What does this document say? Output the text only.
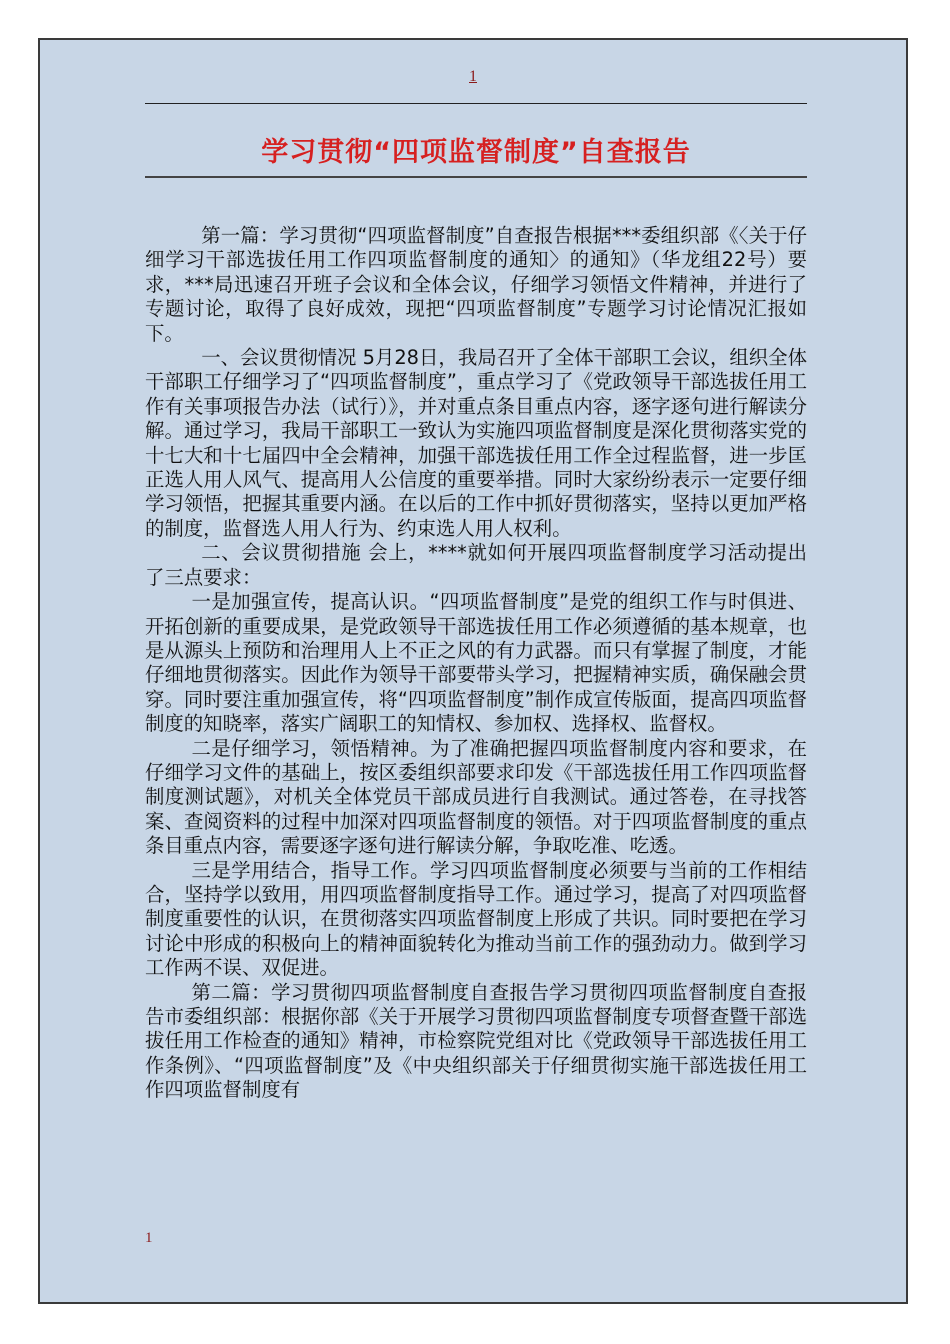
1
学习贯彻“四项监督制度”自查报告

第一篇：学习贯彻“四项监督制度”自查报告根据***委组织部《〈关于仔细学习干部选拔任用工作四项监督制度的通知〉的通知》（华龙组22号）要求，***局迅速召开班子会议和全体会议，仔细学习领悟文件精神，并进行了专题讨论，取得了良好成效，现把“四项监督制度”专题学习讨论情况汇报如下。

一、会议贯彻情况 5月28日，我局召开了全体干部职工会议，组织全体干部职工仔细学习了“四项监督制度”，重点学习了《党政领导干部选拔任用工作有关事项报告办法（试行）》，并对重点条目重点内容，逐字逐句进行解读分解。通过学习，我局干部职工一致认为实施四项监督制度是深化贯彻落实党的十七大和十七届四中全会精神，加强干部选拔任用工作全过程监督，进一步匡正选人用人风气、提高用人公信度的重要举措。同时大家纷纷表示一定要仔细学习领悟，把握其重要内涵。在以后的工作中抓好贯彻落实，坚持以更加严格的制度，监督选人用人行为、约束选人用人权利。

二、会议贯彻措施 会上，****就如何开展四项监督制度学习活动提出了三点要求：

一是加强宣传，提高认识。“四项监督制度”是党的组织工作与时俱进、开拓创新的重要成果，是党政领导干部选拔任用工作必须遵循的基本规章，也是从源头上预防和治理用人上不正之风的有力武器。而只有掌握了制度，才能仔细地贯彻落实。因此作为领导干部要带头学习，把握精神实质，确保融会贯穿。同时要注重加强宣传，将“四项监督制度”制作成宣传版面，提高四项监督制度的知晓率，落实广阔职工的知情权、参加权、选择权、监督权。

二是仔细学习，领悟精神。为了准确把握四项监督制度内容和要求，在仔细学习文件的基础上，按区委组织部要求印发《干部选拔任用工作四项监督制度测试题》，对机关全体党员干部成员进行自我测试。通过答卷，在寻找答案、查阅资料的过程中加深对四项监督制度的领悟。对于四项监督制度的重点条目重点内容，需要逐字逐句进行解读分解，争取吃准、吃透。

三是学用结合，指导工作。学习四项监督制度必须要与当前的工作相结合，坚持学以致用，用四项监督制度指导工作。通过学习，提高了对四项监督制度重要性的认识，在贯彻落实四项监督制度上形成了共识。同时要把在学习讨论中形成的积极向上的精神面貌转化为推动当前工作的强劲动力。做到学习工作两不误、双促进。

第二篇：学习贯彻四项监督制度自查报告学习贯彻四项监督制度自查报告市委组织部：根据你部《关于开展学习贯彻四项监督制度专项督查暨干部选拔任用工作检查的通知》精神，市检察院党组对比《党政领导干部选拔任用工作条例》、“四项监督制度”及《中央组织部关于仔细贯彻实施干部选拔任用工作四项监督制度有

1
